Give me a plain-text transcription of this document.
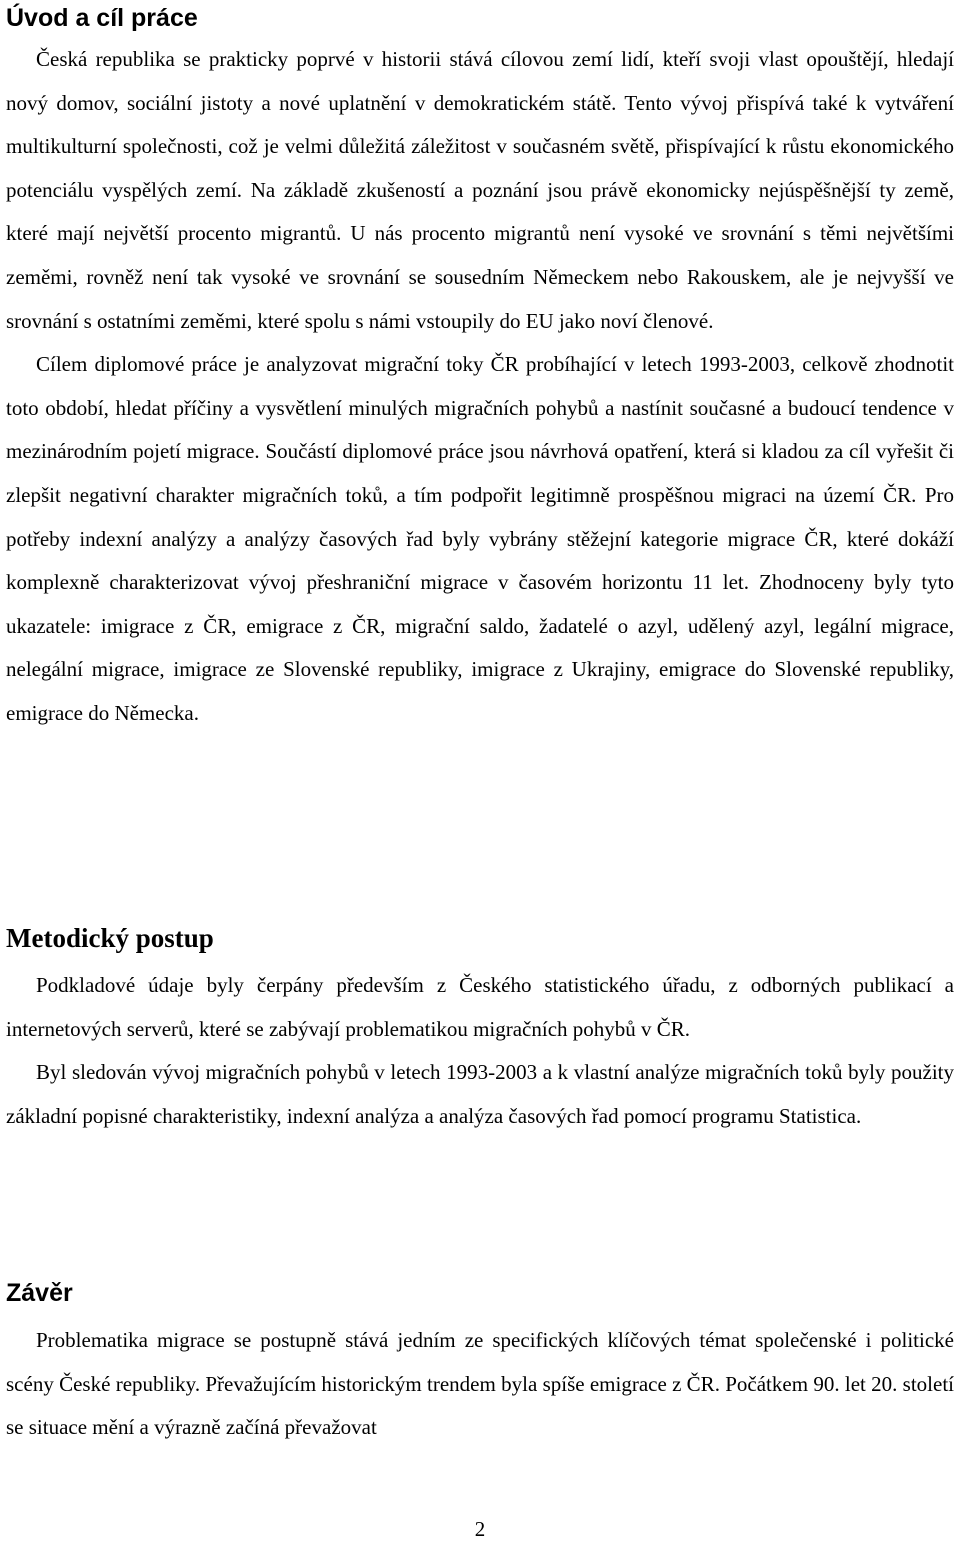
Úvod a cíl práce

Česká republika se prakticky poprvé v historii stává cílovou zemí lidí, kteří svoji vlast opouštějí, hledají nový domov, sociální jistoty a nové uplatnění v demokratickém státě. Tento vývoj přispívá také k vytváření multikulturní společnosti, což je velmi důležitá záležitost v současném světě, přispívající k růstu ekonomického potenciálu vyspělých zemí. Na základě zkušeností a poznání jsou právě ekonomicky nejúspěšnější ty země, které mají největší procento migrantů. U nás procento migrantů není vysoké ve srovnání s těmi největšími zeměmi, rovněž není tak vysoké ve srovnání se sousedním Německem nebo Rakouskem, ale je nejvyšší ve srovnání s ostatními zeměmi, které spolu s námi vstoupily do EU jako noví členové.

Cílem diplomové práce je analyzovat migrační toky ČR probíhající v letech 1993-2003, celkově zhodnotit toto období, hledat příčiny a vysvětlení minulých migračních pohybů a nastínit současné a budoucí tendence v mezinárodním pojetí migrace. Součástí diplomové práce jsou návrhová opatření, která si kladou za cíl vyřešit či zlepšit negativní charakter migračních toků, a tím podpořit legitimně prospěšnou migraci na území ČR. Pro potřeby indexní analýzy a analýzy časových řad byly vybrány stěžejní kategorie migrace ČR, které dokáží komplexně charakterizovat vývoj přeshraniční migrace v časovém horizontu 11 let. Zhodnoceny byly tyto ukazatele: imigrace z ČR, emigrace z ČR, migrační saldo, žadatelé o azyl, udělený azyl, legální migrace, nelegální migrace, imigrace ze Slovenské republiky, imigrace z Ukrajiny, emigrace do Slovenské republiky, emigrace do Německa.

Metodický postup

Podkladové údaje byly čerpány především z Českého statistického úřadu, z odborných publikací a internetových serverů, které se zabývají problematikou migračních pohybů v ČR.

Byl sledován vývoj migračních pohybů v letech 1993-2003 a k vlastní analýze migračních toků byly použity základní popisné charakteristiky, indexní analýza a analýza časových řad pomocí programu Statistica.

Závěr

Problematika migrace se postupně stává jedním ze specifických klíčových témat společenské i politické scény České republiky. Převažujícím historickým trendem byla spíše emigrace z ČR. Počátkem 90. let 20. století se situace mění a výrazně začíná převažovat

2
